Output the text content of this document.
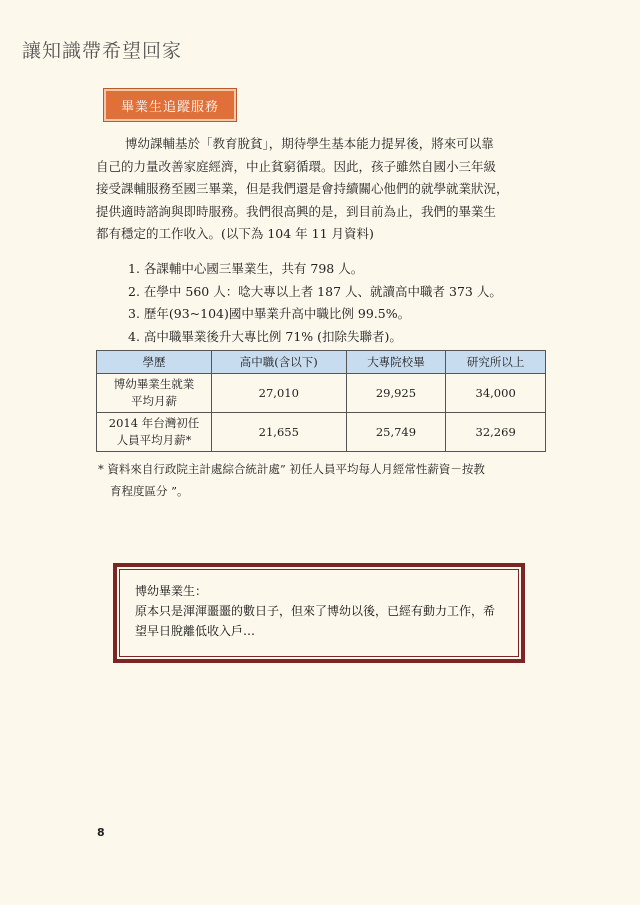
讓知識帶希望回家
畢業生追蹤服務
博幼課輔基於「教育脫貧」，期待學生基本能力提昇後，將來可以靠
自己的力量改善家庭經濟，中止貧窮循環。因此，孩子雖然自國小三年級
接受課輔服務至國三畢業，但是我們還是會持續關心他們的就學就業狀況，
提供適時諮詢與即時服務。我們很高興的是，到目前為止，我們的畢業生
都有穩定的工作收入。(以下為 104 年 11 月資料)
1. 各課輔中心國三畢業生，共有 798 人。
2. 在學中 560 人：唸大專以上者 187 人、就讀高中職者 373 人。
3. 歷年(93~104)國中畢業升高中職比例 99.5%。
4. 高中職畢業後升大專比例 71% (扣除失聯者)。
學歷	高中職(含以下)	大專院校畢	研究所以上

博幼畢業生就業
平均月薪	27,010	29,925	34,000

2014 年台灣初任
人員平均月薪*	21,655	25,749	32,269
* 資料來自行政院主計處綜合統計處” 初任人員平均每人月經常性薪資－按教
育程度區分 ”。
博幼畢業生：
原本只是渾渾噩噩的數日子，但來了博幼以後，已經有動力工作，希
望早日脫離低收入戶…
8
